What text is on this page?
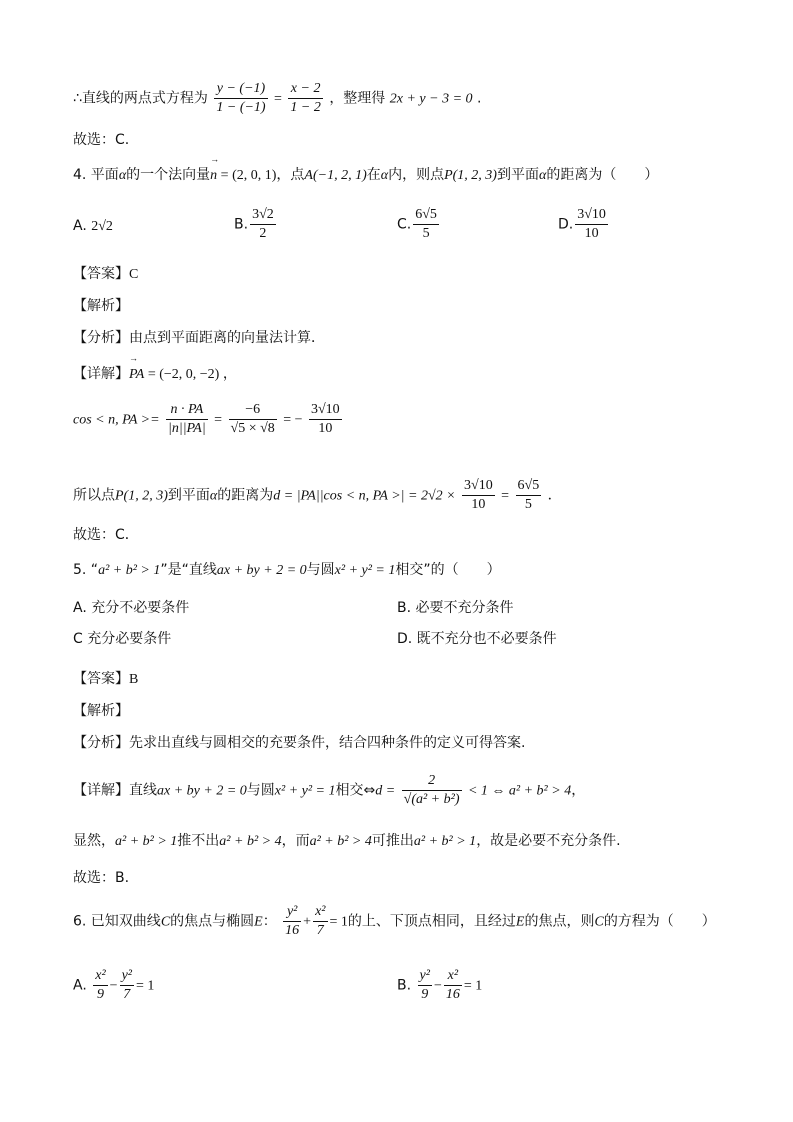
∴直线的两点式方程为 $\frac{y - (-1)}{1 - (-1)} = \frac{x - 2}{1 - 2}$ ，整理得 2x + y − 3 = 0 .
故选：C.
4. 平面α的一个法向量→ n = (2, 0, 1)，点A(−1, 2, 1)在α内，则点P(1, 2, 3)到平面α的距离为（　　）
A. 2√2	B. $\frac{3√2}{2}$	C. $\frac{6√5}{5}$	D. $\frac{3√10}{10}$
【答案】C
【解析】
【分析】由点到平面距离的向量法计算．
【详解】→ PA = (−2, 0, −2) ，
cos < n, PA >= $\frac{n \cdot PA}{|n||PA|} = \frac{-6}{√5 \times √8}$ = − $\frac{3√10}{10}$
所以点P(1, 2, 3)到平面α的距离为d = |PA||cos < n, PA >| = $2√2 \times \frac{3√10}{10} = \frac{6√5}{5}$ ．
故选：C．
5. “a² + b² > 1”是“直线ax + by + 2 = 0与圆x² + y² = 1相交”的（　　）
A. 充分不必要条件	B. 必要不充分条件
C 充分必要条件	D. 既不充分也不必要条件
【答案】B
【解析】
【分析】先求出直线与圆相交的充要条件，结合四种条件的定义可得答案.
【详解】直线ax + by + 2 = 0与圆x² + y² = 1相交⇔d = $\frac{2}{\text{√(a² + b²)}} < 1$ ⇔ a² + b² > 4，
显然，a² + b² > 1推不出a² + b² > 4，而a² + b² > 4可推出a² + b² > 1，故是必要不充分条件.
故选：B.
6. 已知双曲线C的焦点与椭圆E： $\frac{\text{y²}}{16} + \frac{\text{x²}}{7} = 1$的上、下顶点相同，且经过E的焦点，则C的方程为（　　）
A. $\frac{\text{x²}}{9} - \frac{\text{y²}}{7} = 1$	B. $\frac{\text{y²}}{9} - \frac{\text{x²}}{16} = 1$
